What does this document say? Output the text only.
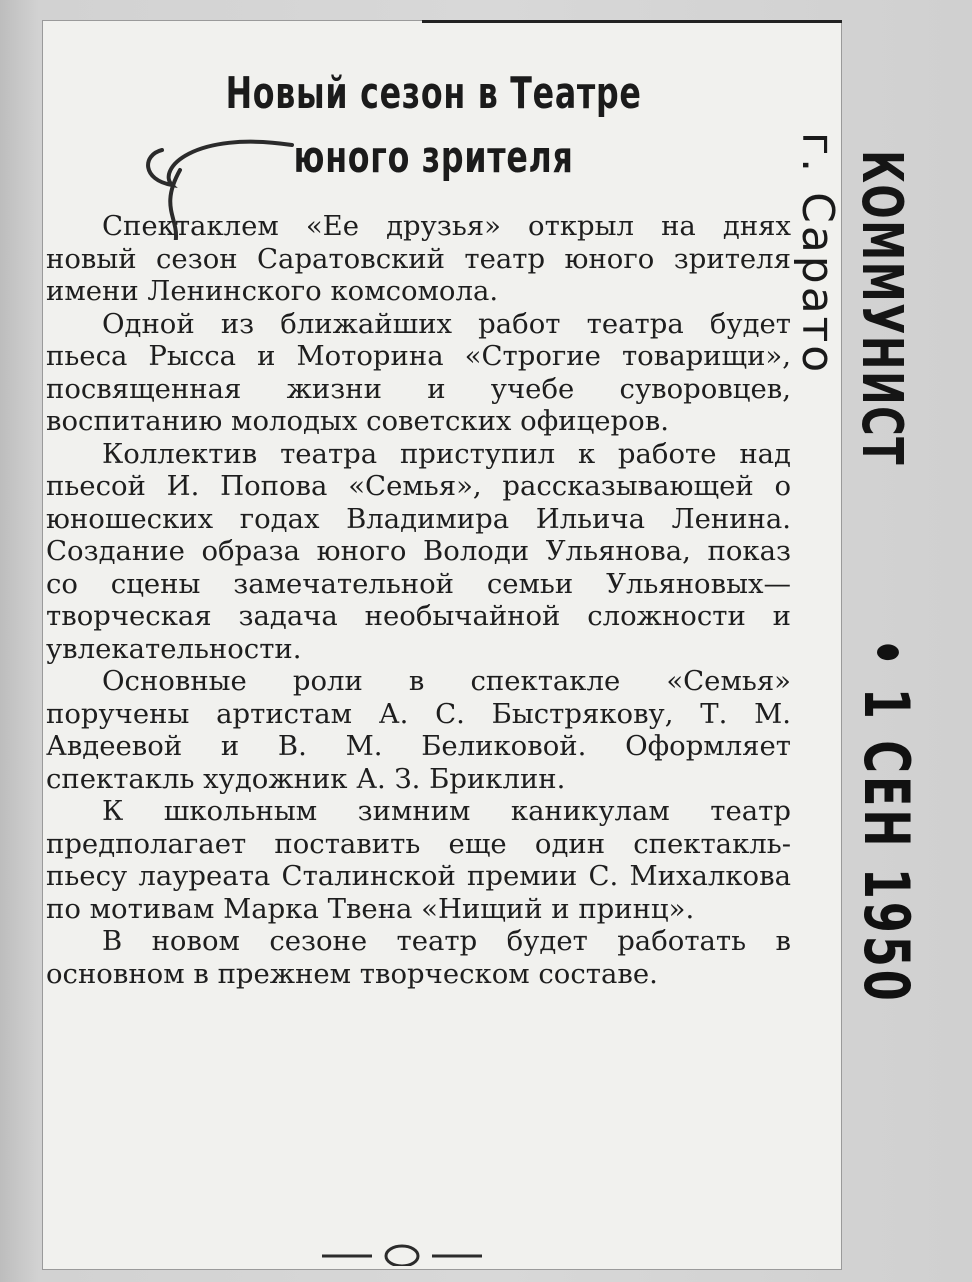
Новый сезон в Театре
юного зрителя

Спектаклем «Ее друзья» открыл на днях новый сезон Саратовский театр юного зрителя имени Ленинского комсомола.

Одной из ближайших работ театра будет пьеса Рысса и Моторина «Строгие товарищи», посвященная жизни и учебе суворовцев, воспитанию молодых советских офицеров.

Коллектив театра приступил к работе над пьесой И. Попова «Семья», рассказывающей о юношеских годах Владимира Ильича Ленина. Создание образа юного Володи Ульянова, показ со сцены замечательной семьи Ульяновых— творческая задача необычайной сложности и увлекательности.

Основные роли в спектакле «Семья» поручены артистам А. С. Быстрякову, Т. М. Авдеевой и В. М. Беликовой. Оформляет спектакль художник А. З. Бриклин.

К школьным зимним каникулам театр предполагает поставить еще один спектакль-пьесу лауреата Сталинской премии С. Михалкова по мотивам Марка Твена «Нищий и принц».

В новом сезоне театр будет работать в основном в прежнем творческом составе.

КОММУНИСТ
г. Сарато
• 1 СЕН 1950
